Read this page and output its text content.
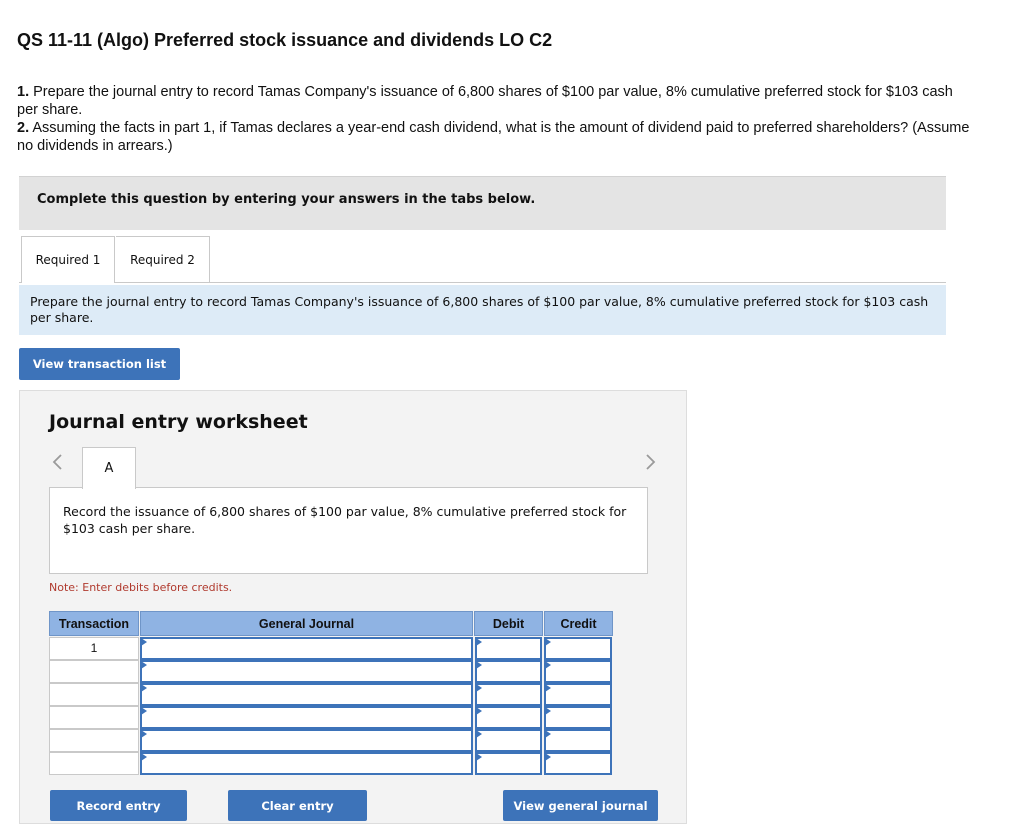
QS 11-11 (Algo) Preferred stock issuance and dividends LO C2
1. Prepare the journal entry to record Tamas Company's issuance of 6,800 shares of $100 par value, 8% cumulative preferred stock for $103 cash per share.
2. Assuming the facts in part 1, if Tamas declares a year-end cash dividend, what is the amount of dividend paid to preferred shareholders? (Assume no dividends in arrears.)
Complete this question by entering your answers in the tabs below.
Required 1	Required 2
Prepare the journal entry to record Tamas Company's issuance of 6,800 shares of $100 par value, 8% cumulative preferred stock for $103 cash per share.
View transaction list
Journal entry worksheet
A
Record the issuance of 6,800 shares of $100 par value, 8% cumulative preferred stock for $103 cash per share.
Note: Enter debits before credits.
Transaction	General Journal	Debit	Credit
1
Record entry	Clear entry	View general journal
